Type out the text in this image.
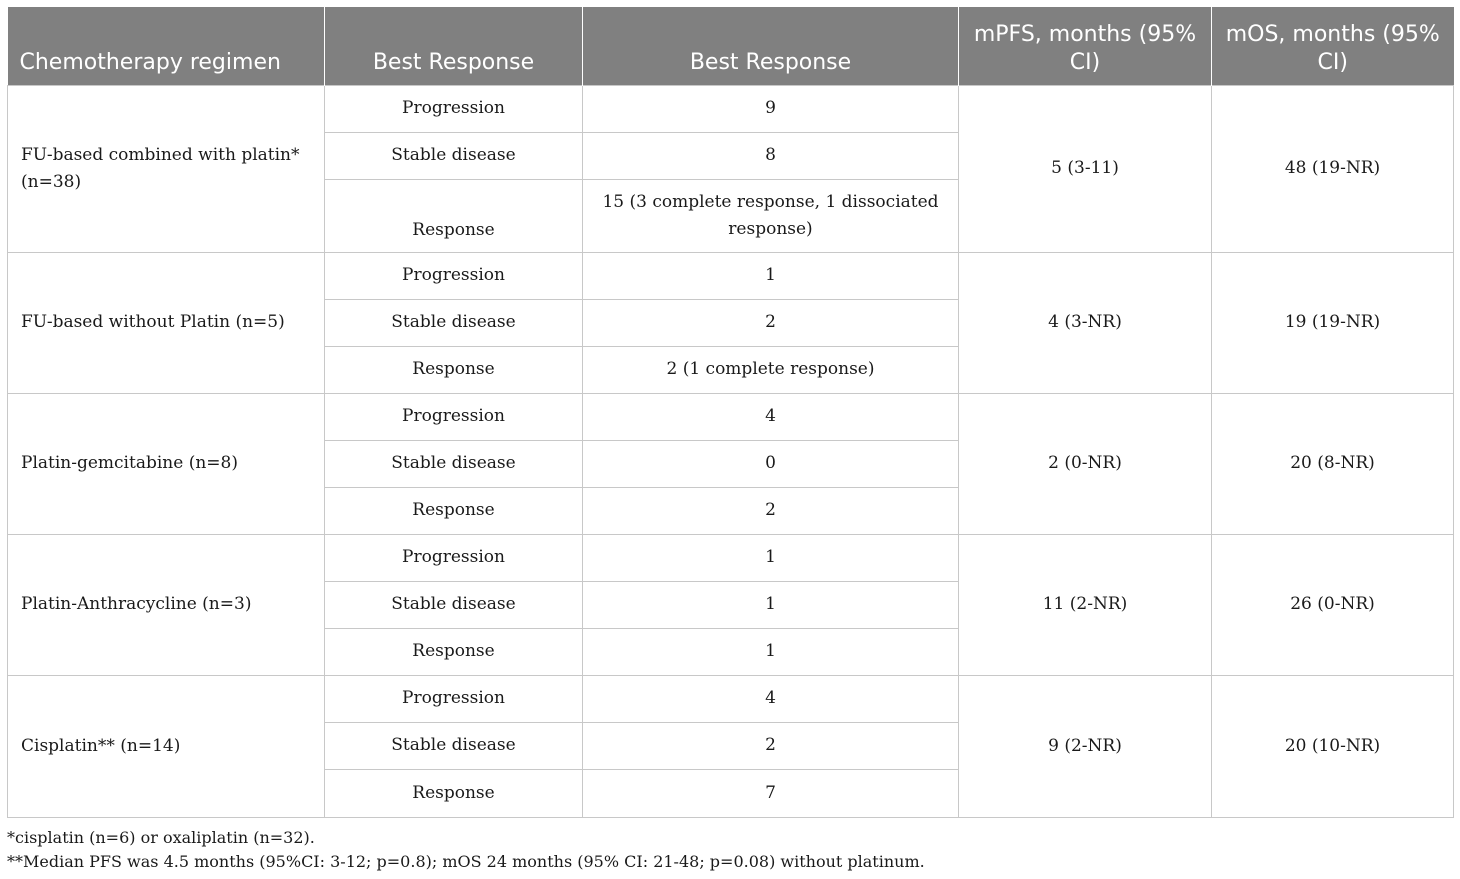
Chemotherapy regimen	Best Response	Best Response	mPFS, months (95% CI)	mOS, months (95% CI)
FU-based combined with platin* (n=38)	Progression	9	5 (3-11)	48 (19-NR)
	Stable disease	8		
	Response	15 (3 complete response, 1 dissociated response)		
FU-based without Platin (n=5)	Progression	1	4 (3-NR)	19 (19-NR)
	Stable disease	2		
	Response	2 (1 complete response)		
Platin-gemcitabine (n=8)	Progression	4	2 (0-NR)	20 (8-NR)
	Stable disease	0		
	Response	2		
Platin-Anthracycline (n=3)	Progression	1	11 (2-NR)	26 (0-NR)
	Stable disease	1		
	Response	1		
Cisplatin** (n=14)	Progression	4	9 (2-NR)	20 (10-NR)
	Stable disease	2		
	Response	7		
*cisplatin (n=6) or oxaliplatin (n=32).
**Median PFS was 4.5 months (95%CI: 3-12; p=0.8); mOS 24 months (95% CI: 21-48; p=0.08) without platinum.
